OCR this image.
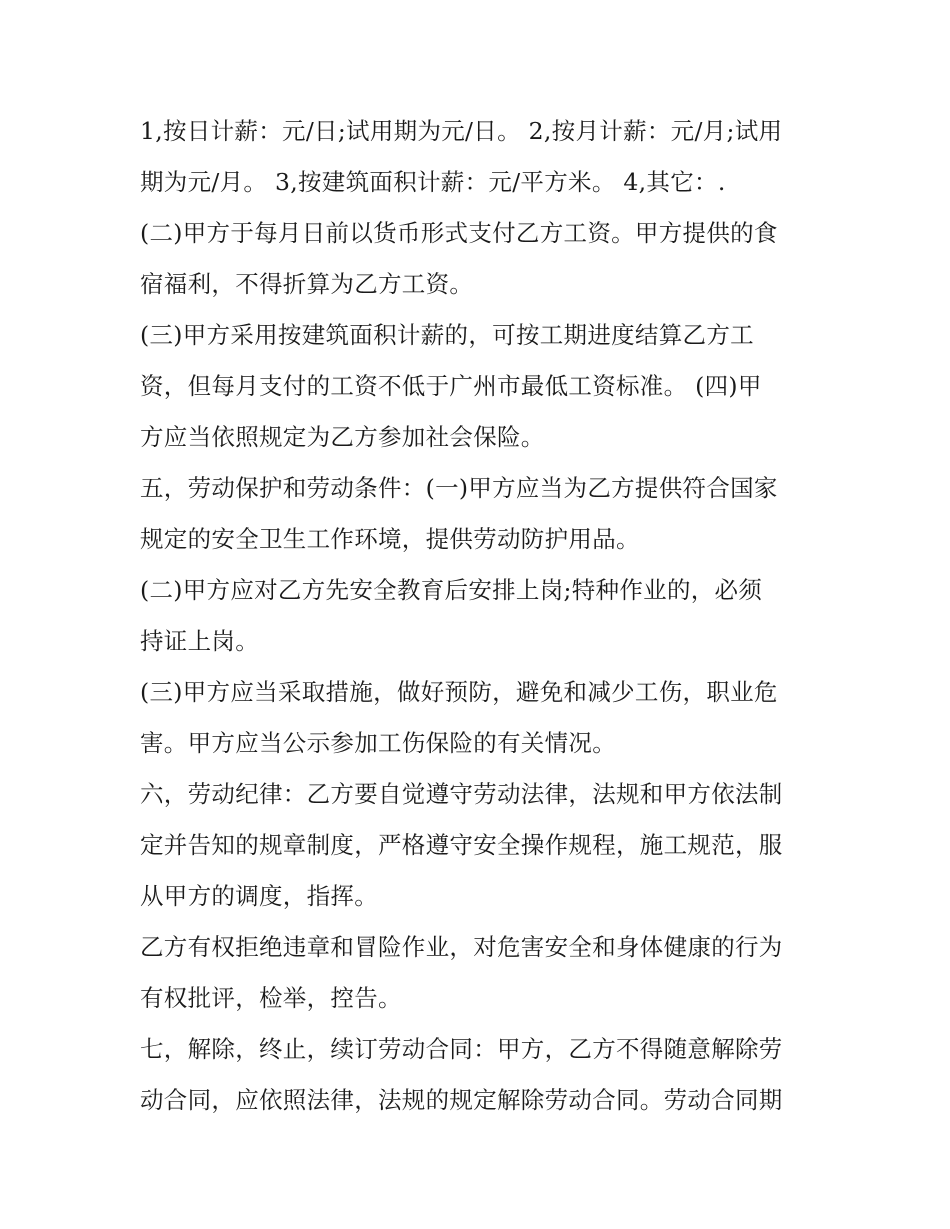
1,按日计薪：元/日;试用期为元/日。 2,按月计薪：元/月;试用
期为元/月。 3,按建筑面积计薪：元/平方米。 4,其它：.
(二)甲方于每月日前以货币形式支付乙方工资。甲方提供的食
宿福利，不得折算为乙方工资。
(三)甲方采用按建筑面积计薪的，可按工期进度结算乙方工
资，但每月支付的工资不低于广州市最低工资标准。 (四)甲
方应当依照规定为乙方参加社会保险。
五，劳动保护和劳动条件：(一)甲方应当为乙方提供符合国家
规定的安全卫生工作环境，提供劳动防护用品。
(二)甲方应对乙方先安全教育后安排上岗;特种作业的，必须
持证上岗。
(三)甲方应当采取措施，做好预防，避免和减少工伤，职业危
害。甲方应当公示参加工伤保险的有关情况。
六，劳动纪律：乙方要自觉遵守劳动法律，法规和甲方依法制
定并告知的规章制度，严格遵守安全操作规程，施工规范，服
从甲方的调度，指挥。
乙方有权拒绝违章和冒险作业，对危害安全和身体健康的行为
有权批评，检举，控告。
七，解除，终止，续订劳动合同：甲方，乙方不得随意解除劳
动合同，应依照法律，法规的规定解除劳动合同。劳动合同期
